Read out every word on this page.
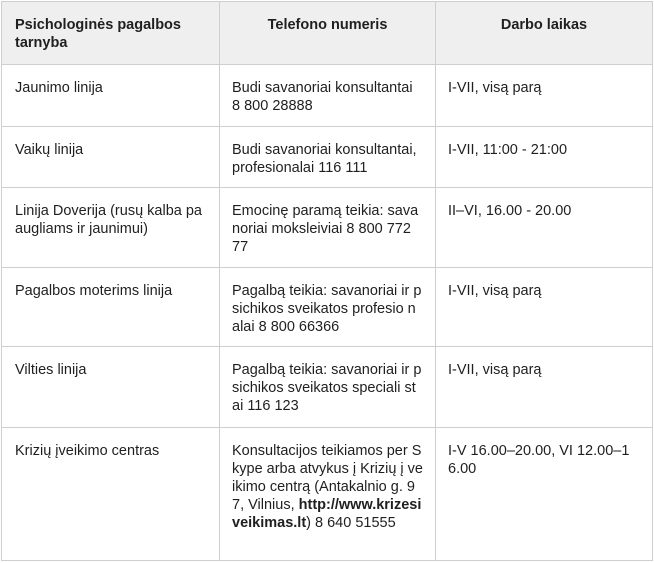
Psichologinės pagalbos tarnyba	Telefono numeris	Darbo laikas

Jaunimo linija	Budi savanoriai konsultantai 8 800 28888	I-VII, visą parą

Vaikų linija	Budi savanoriai konsultantai, profesionalai 116 111	I-VII, 11:00 - 21:00

Linija Doverija (rusų kalba pa augliams ir jaunimui)	Emocinę paramą teikia: sava noriai moksleiviai 8 800 772 77	II–VI, 16.00 - 20.00

Pagalbos moterims linija	Pagalbą teikia: savanoriai ir psichikos sveikatos profesio nalai 8 800 66366	I-VII, visą parą

Vilties linija	Pagalbą teikia: savanoriai ir psichikos sveikatos speciali stai 116 123	I-VII, visą parą

Krizių įveikimo centras	Konsultacijos teikiamos per Skype arba atvykus į Krizių į veikimo centrą (Antakalnio g. 97, Vilnius, http://www.krizesiveikimas.lt) 8 640 51555	I-V 16.00–20.00, VI 12.00–16.00
